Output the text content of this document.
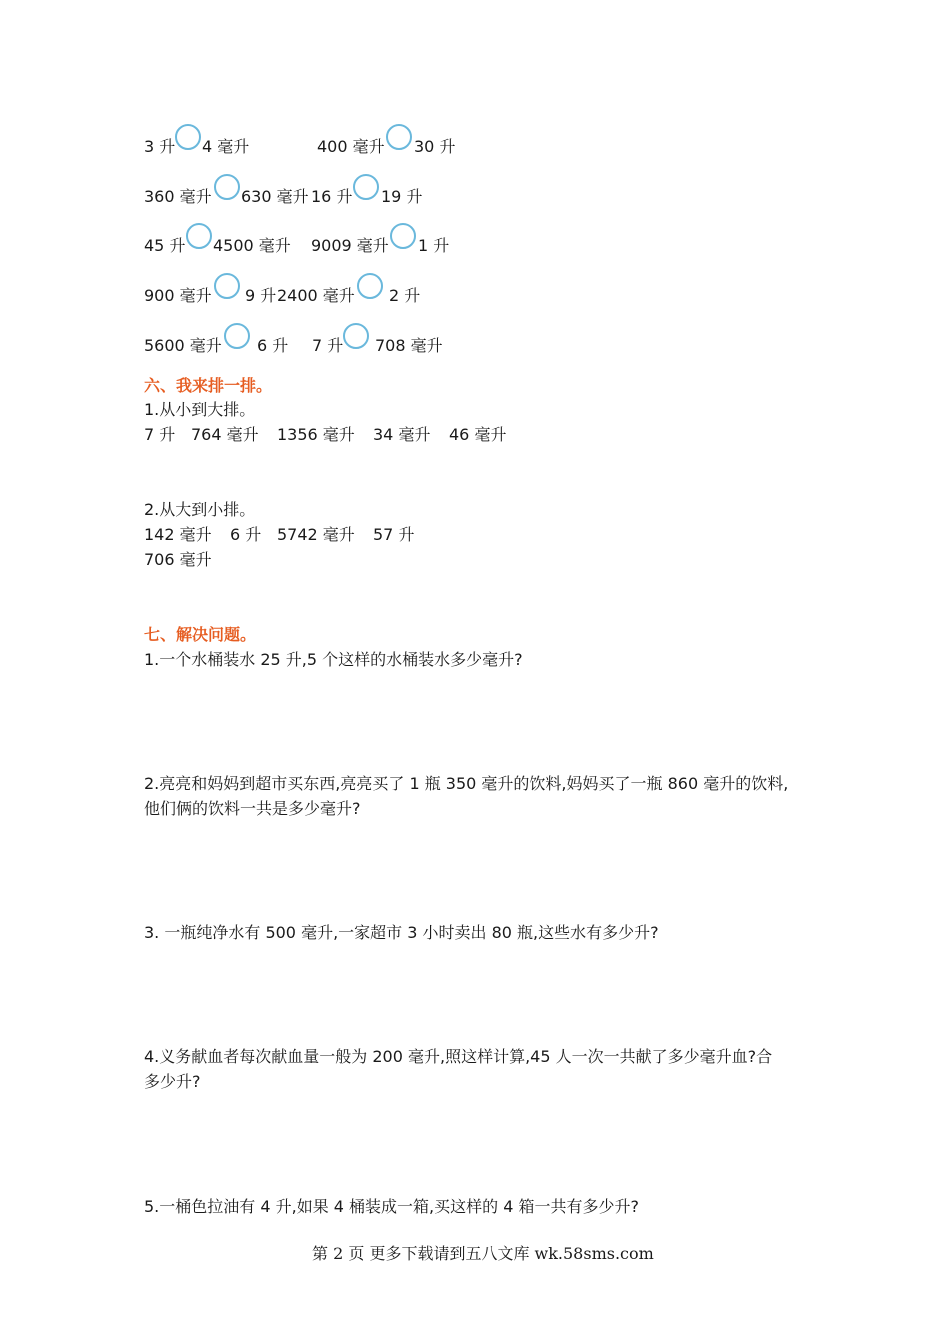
3 升 4 毫升	400 毫升 30 升
360 毫升 630 毫升 16 升 19 升
45 升 4500 毫升 9009 毫升 1 升
900 毫升 9 升 2400 毫升 2 升
5600 毫升 6 升 7 升 708 毫升
六、我来排一排。
1.从小到大排。
7 升 764 毫升 1356 毫升 34 毫升 46 毫升
2.从大到小排。
142 毫升 6 升 5742 毫升 57 升
706 毫升
七、解决问题。
1.一个水桶装水 25 升,5 个这样的水桶装水多少毫升?
2.亮亮和妈妈到超市买东西,亮亮买了 1 瓶 350 毫升的饮料,妈妈买了一瓶 860 毫升的饮料,
他们俩的饮料一共是多少毫升?
3. 一瓶纯净水有 500 毫升,一家超市 3 小时卖出 80 瓶,这些水有多少升?
4.义务献血者每次献血量一般为 200 毫升,照这样计算,45 人一次一共献了多少毫升血?合
多少升?
5.一桶色拉油有 4 升,如果 4 桶装成一箱,买这样的 4 箱一共有多少升?
第 2 页 更多下载请到五八文库 wk.58sms.com
